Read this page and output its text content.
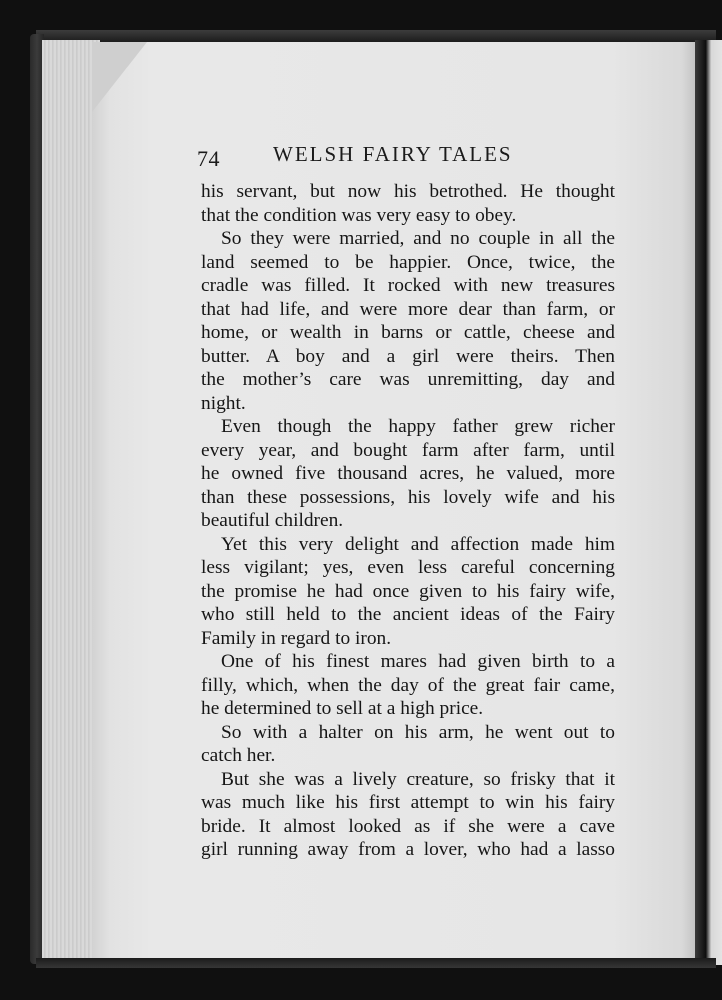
74	WELSH FAIRY TALES
his servant, but now his betrothed. He thought
that the condition was very easy to obey.
So they were married, and no couple in all the
land seemed to be happier. Once, twice, the
cradle was filled. It rocked with new treasures
that had life, and were more dear than farm, or
home, or wealth in barns or cattle, cheese and
butter. A boy and a girl were theirs. Then
the mother’s care was unremitting, day and
night.
Even though the happy father grew richer
every year, and bought farm after farm, until
he owned five thousand acres, he valued, more
than these possessions, his lovely wife and his
beautiful children.
Yet this very delight and affection made him
less vigilant; yes, even less careful concerning
the promise he had once given to his fairy wife,
who still held to the ancient ideas of the Fairy
Family in regard to iron.
One of his finest mares had given birth to a
filly, which, when the day of the great fair came,
he determined to sell at a high price.
So with a halter on his arm, he went out to
catch her.
But she was a lively creature, so frisky that it
was much like his first attempt to win his fairy
bride. It almost looked as if she were a cave
girl running away from a lover, who had a lasso
